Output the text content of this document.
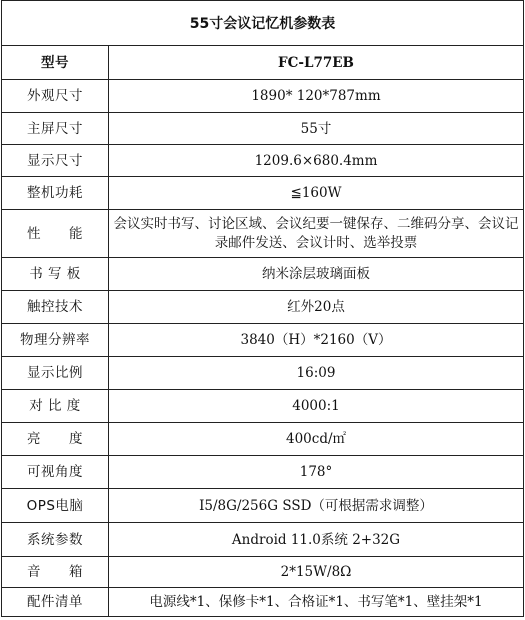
55寸会议记忆机参数表
型号	FC-L77EB
外观尺寸	1890* 120*787mm
主屏尺寸	55寸
显示尺寸	1209.6×680.4mm
整机功耗	≦160W
性　　能	会议实时书写、讨论区域、会议纪要一键保存、二维码分享、会议记录邮件发送、会议计时、选举投票
书 写 板	纳米涂层玻璃面板
触控技术	红外20点
物理分辨率	3840（H）*2160（V）
显示比例	16:09
对 比 度	4000:1
亮　　度	400cd/㎡
可视角度	178°
OPS电脑	I5/8G/256G SSD（可根据需求调整）
系统参数	Android 11.0系统 2+32G
音　　箱	2*15W/8Ω
配件清单	电源线*1、保修卡*1、合格证*1、书写笔*1、壁挂架*1
